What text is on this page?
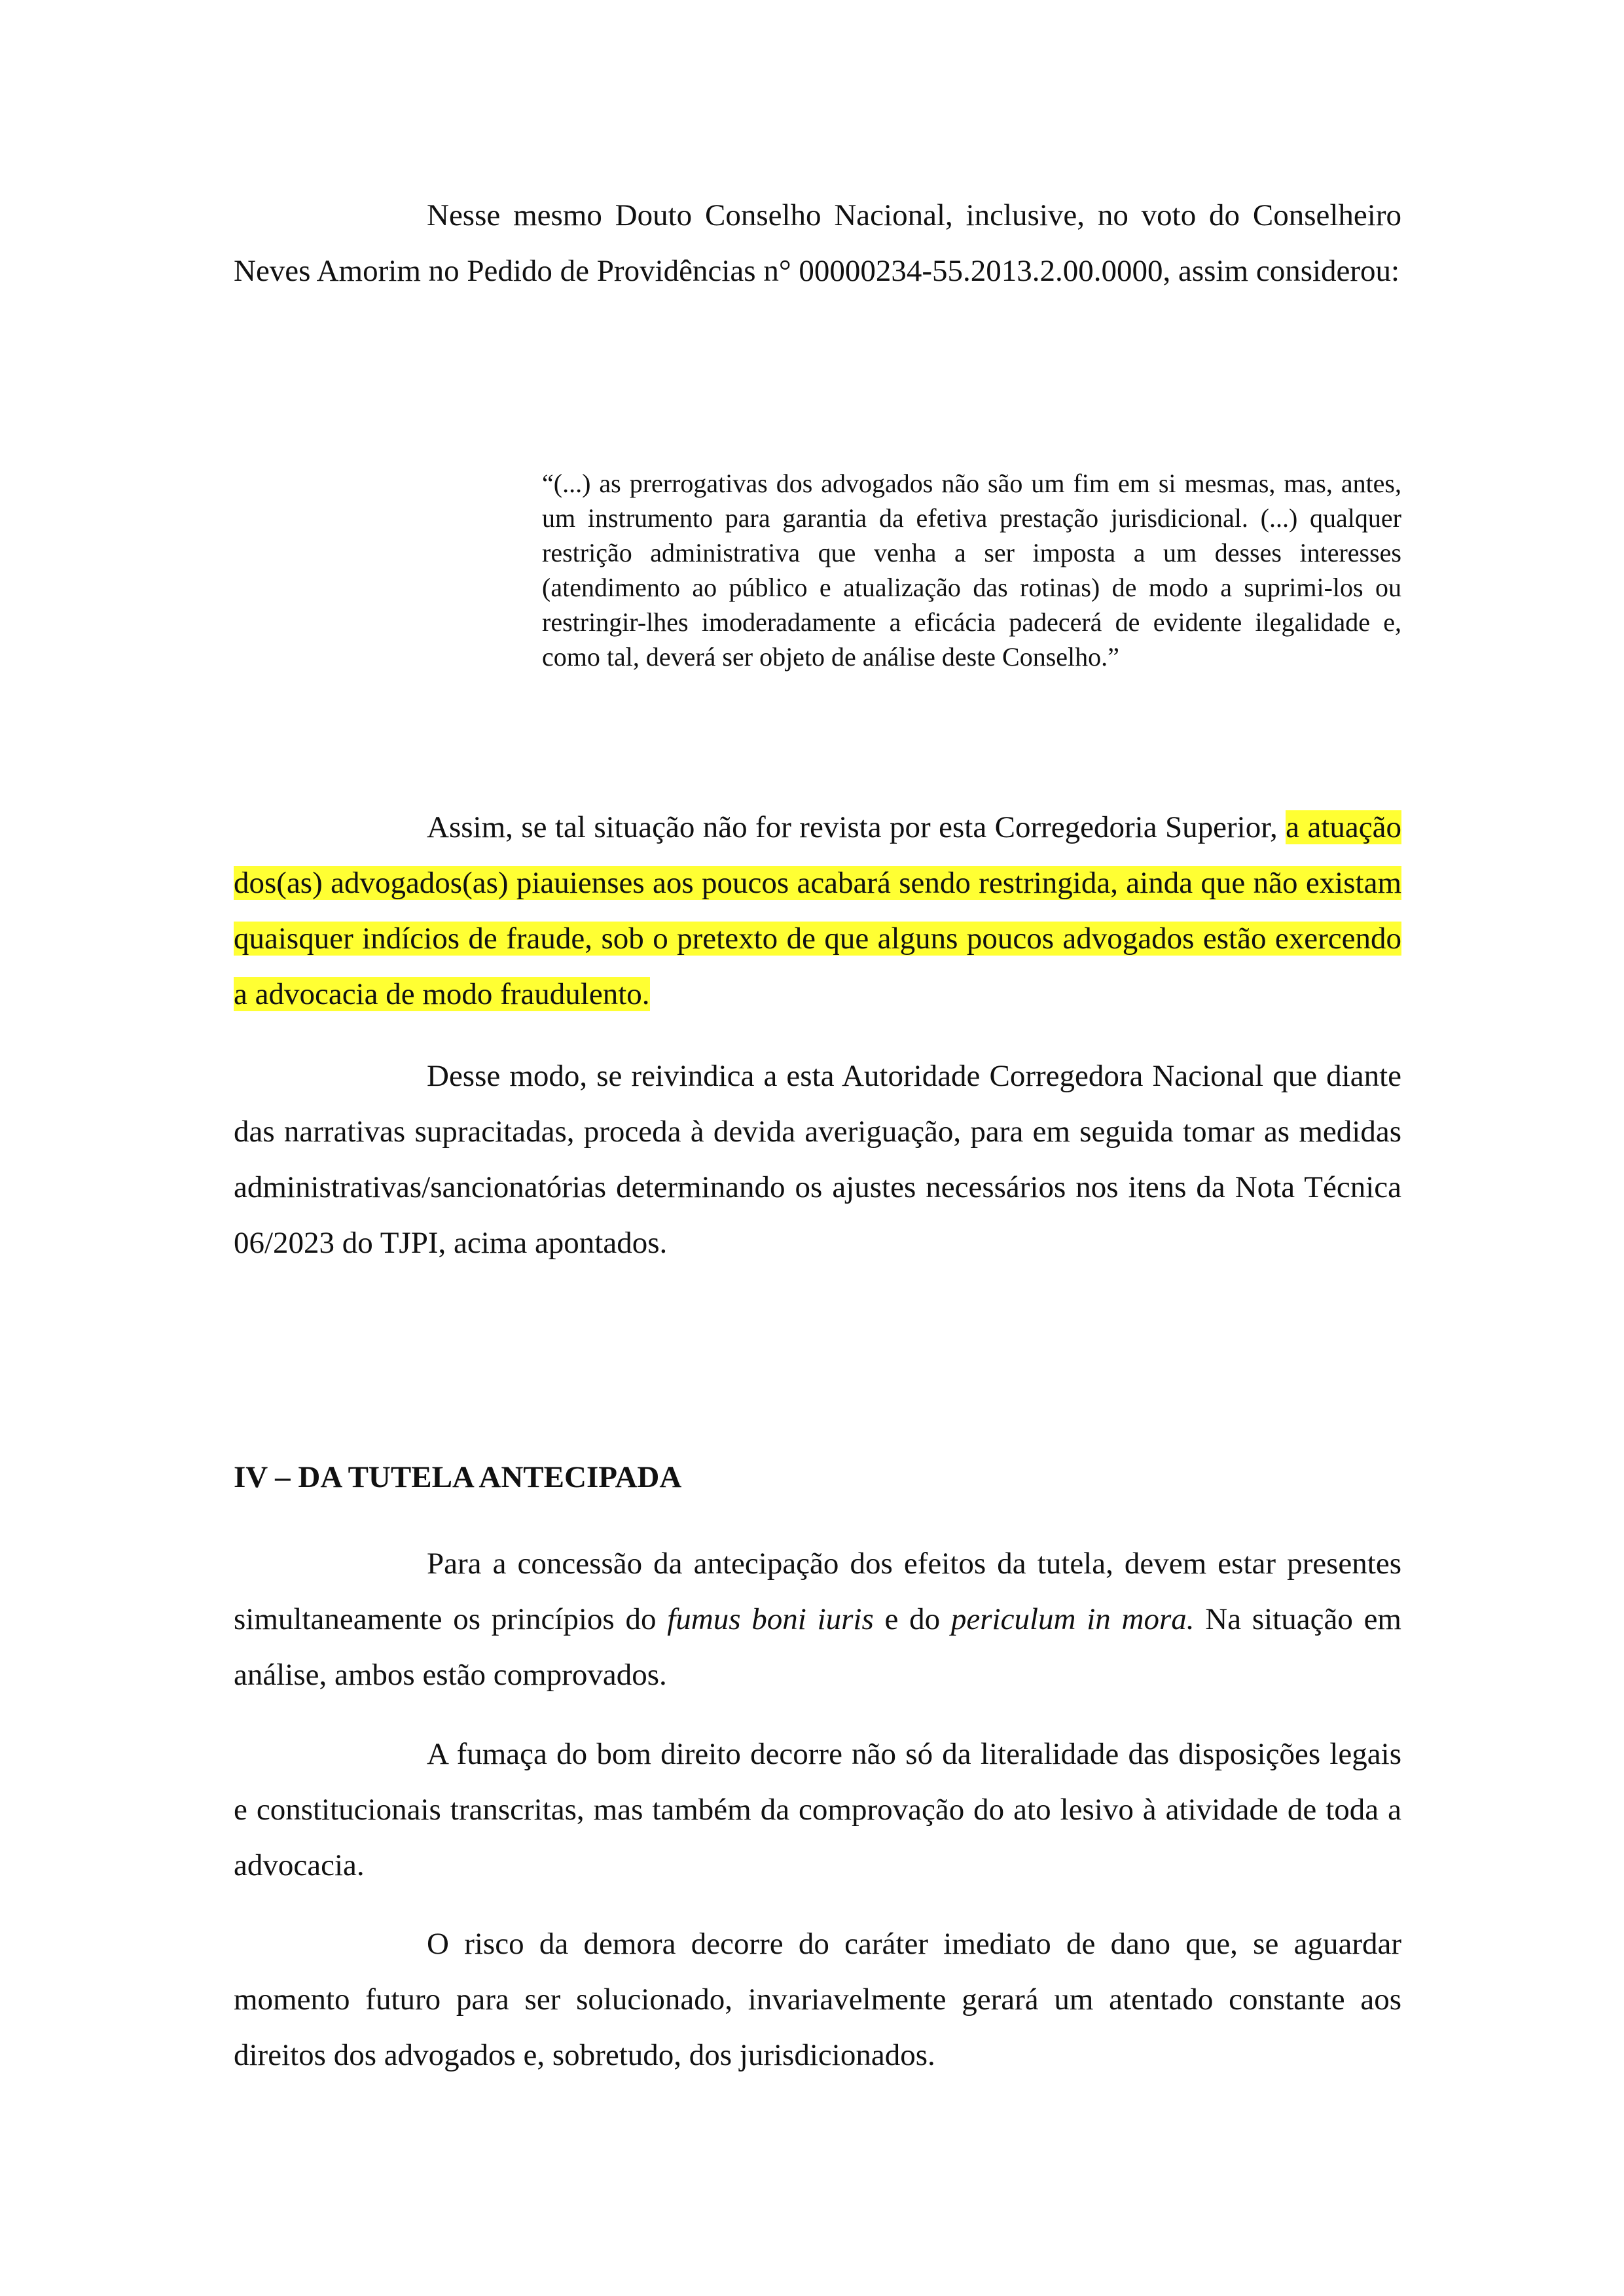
Nesse mesmo Douto Conselho Nacional, inclusive, no voto do Conselheiro Neves Amorim no Pedido de Providências n° 00000234-55.2013.2.00.0000, assim considerou:

“(...) as prerrogativas dos advogados não são um fim em si mesmas, mas, antes, um instrumento para garantia da efetiva prestação jurisdicional. (...) qualquer restrição administrativa que venha a ser imposta a um desses interesses (atendimento ao público e atualização das rotinas) de modo a suprimi-los ou restringir-lhes imoderadamente a eficácia padecerá de evidente ilegalidade e, como tal, deverá ser objeto de análise deste Conselho.”

Assim, se tal situação não for revista por esta Corregedoria Superior, a atuação dos(as) advogados(as) piauienses aos poucos acabará sendo restringida, ainda que não existam quaisquer indícios de fraude, sob o pretexto de que alguns poucos advogados estão exercendo a advocacia de modo fraudulento.

Desse modo, se reivindica a esta Autoridade Corregedora Nacional que diante das narrativas supracitadas, proceda à devida averiguação, para em seguida tomar as medidas administrativas/sancionatórias determinando os ajustes necessários nos itens da Nota Técnica 06/2023 do TJPI, acima apontados.

IV – DA TUTELA ANTECIPADA

Para a concessão da antecipação dos efeitos da tutela, devem estar presentes simultaneamente os princípios do fumus boni iuris e do periculum in mora. Na situação em análise, ambos estão comprovados.

A fumaça do bom direito decorre não só da literalidade das disposições legais e constitucionais transcritas, mas também da comprovação do ato lesivo à atividade de toda a advocacia.

O risco da demora decorre do caráter imediato de dano que, se aguardar momento futuro para ser solucionado, invariavelmente gerará um atentado constante aos direitos dos advogados e, sobretudo, dos jurisdicionados.
